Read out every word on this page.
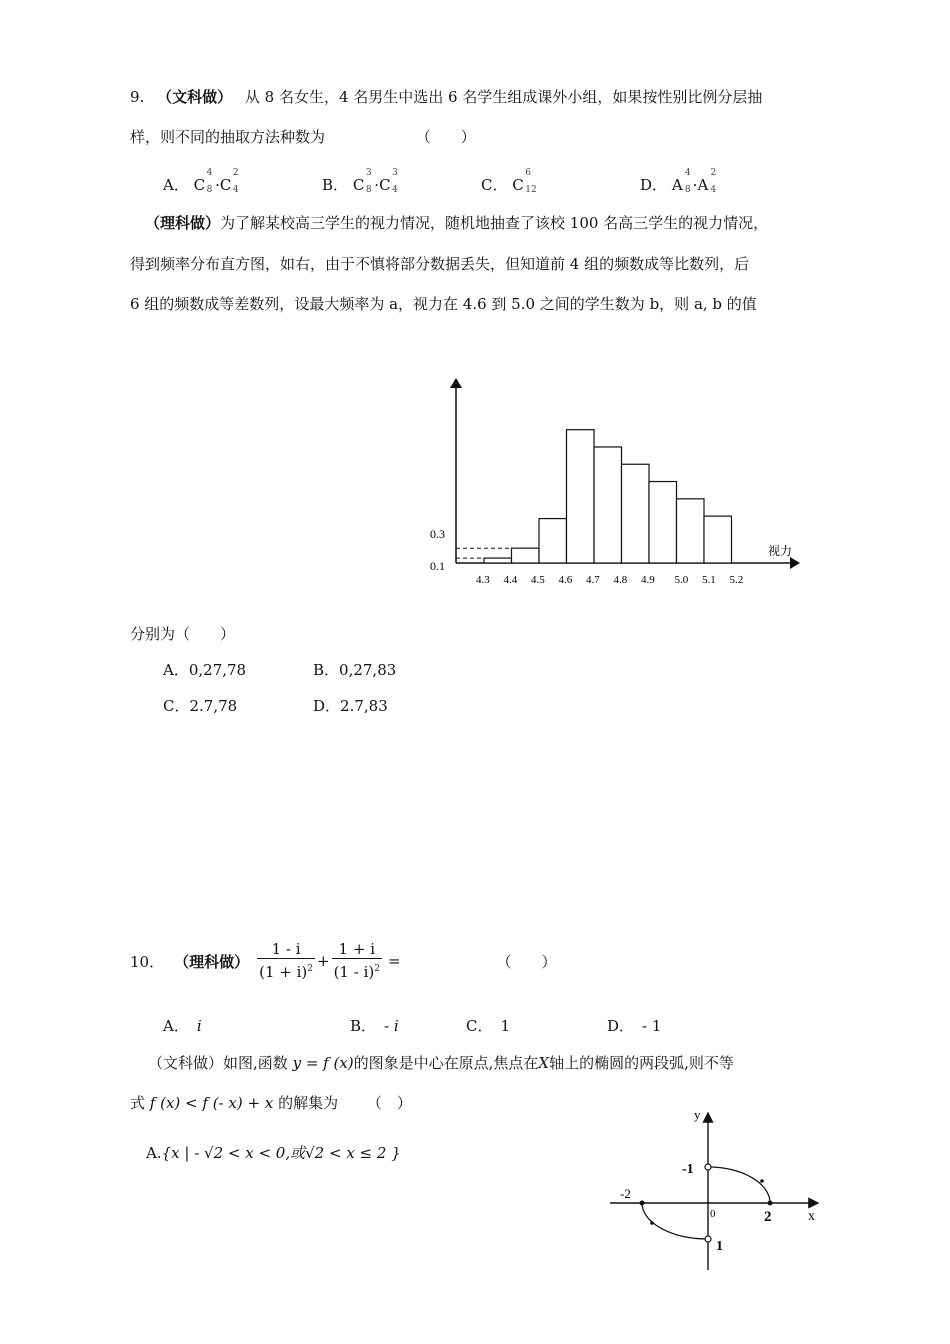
9. （文科做） 从 8 名女生，4 名男生中选出 6 名学生组成课外小组，如果按性别比例分层抽
样，则不同的抽取方法种数为	（　　）
A． C
4
8 ·C
2
4	B． C
3
8 ·C
3
4	C． C
6
12	D． A
4
8 ·A
2
4
（理科做）为了解某校高三学生的视力情况，随机地抽查了该校 100 名高三学生的视力情况，
得到频率分布直方图，如右，由于不慎将部分数据丢失，但知道前 4 组的频数成等比数列，后
6 组的频数成等差数列，设最大频率为 a，视力在 4.6 到 5.0 之间的学生数为 b，则 a, b 的值
0.1
0.3
4.3 4.4 4.5 4.6 4.7 4.8 4.9 5.0 5.1 5.2
视力
分别为（　　）
A．0,27,78	B．0,27,83
C．2.7,78	D．2.7,83
10． （理科做） $\frac{1 - i}{(1 + i)^2} + \frac{1 + i}{(1 - i)^2}$ =	（　　）
A． i	B． - i	C． 1	D． - 1
（文科做）如图,函数 y = f (x)的图象是中心在原点,焦点在X轴上的椭圆的两段弧,则不等
式 f (x) < f (- x) + x 的解集为 （　）
A.{x | - √2 < x < 0,或√2 < x ≤ 2 }
y
x
0
-1
1
-2
2
